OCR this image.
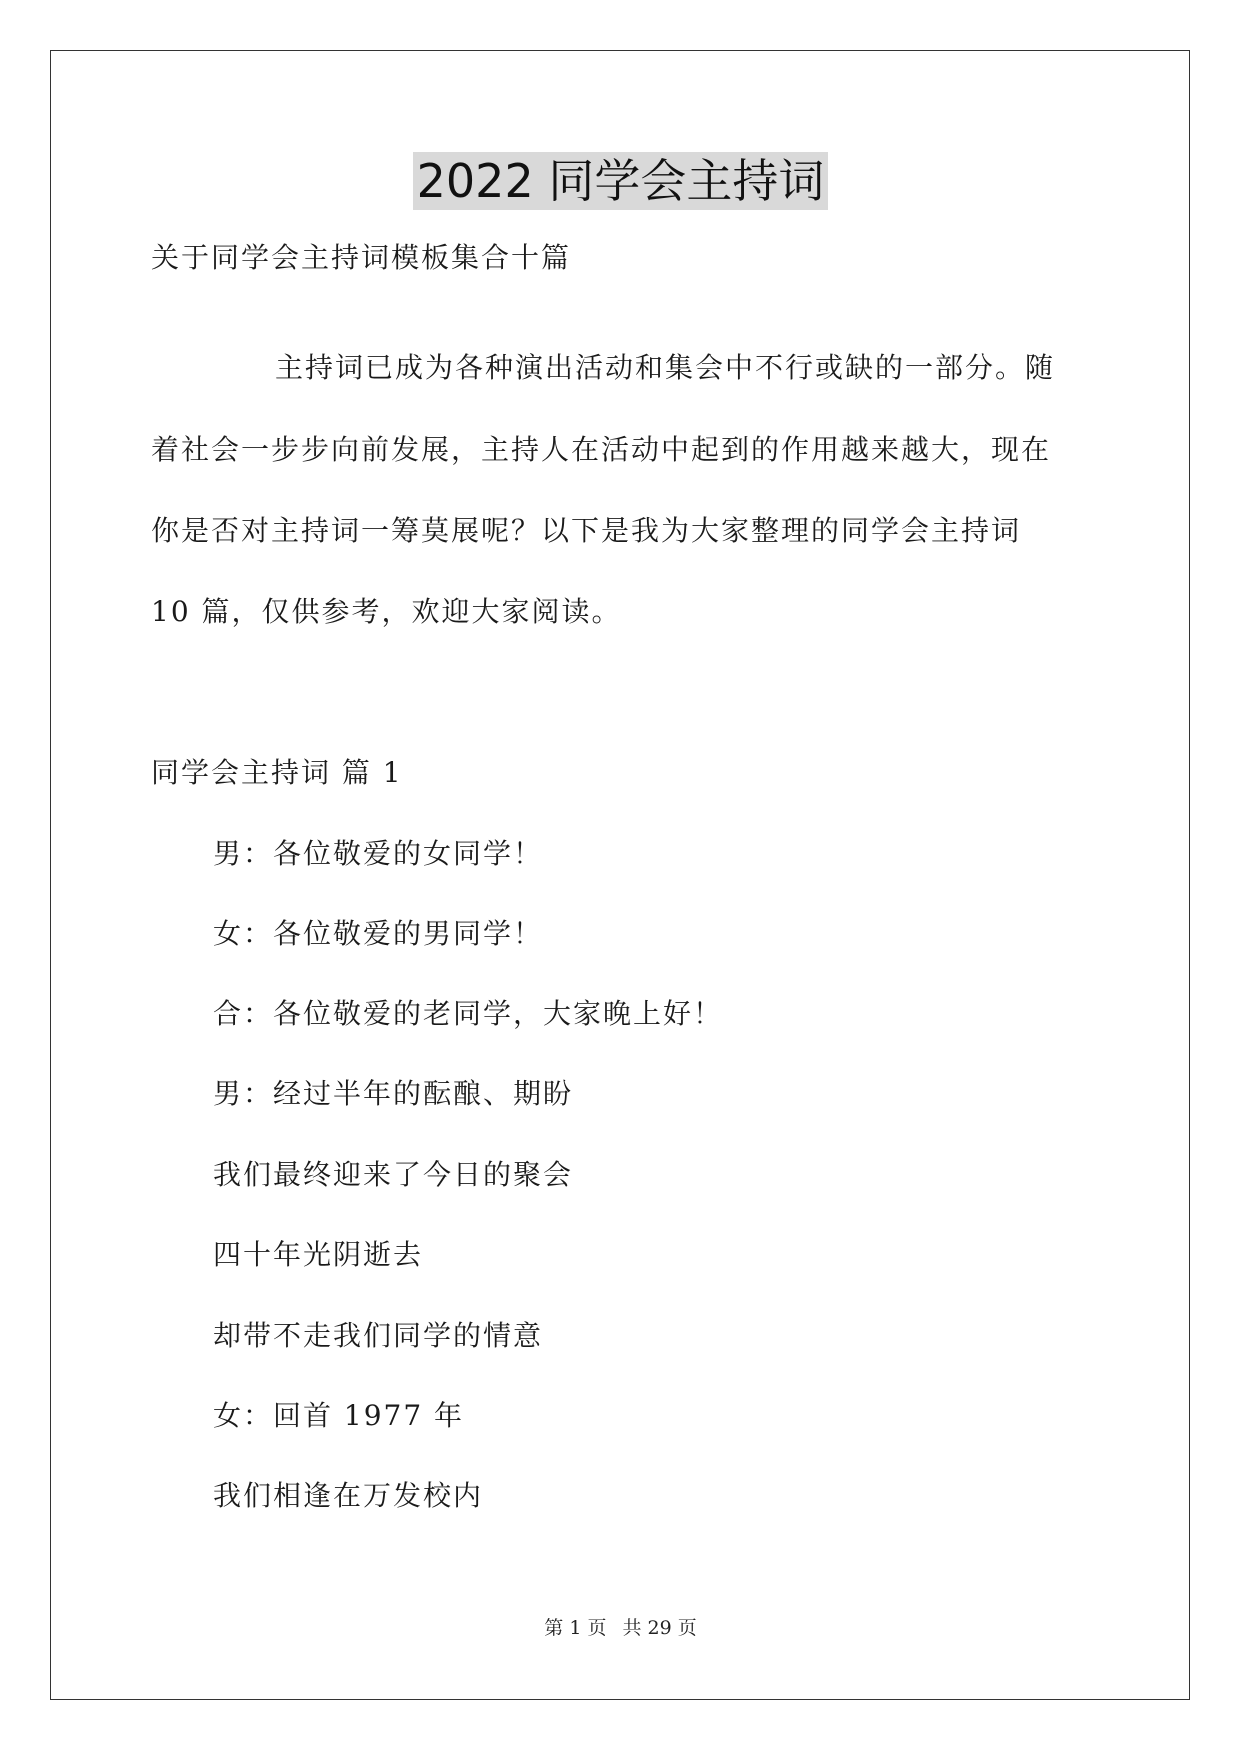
2022 同学会主持词
关于同学会主持词模板集合十篇
主持词已成为各种演出活动和集会中不行或缺的一部分。随
着社会一步步向前发展，主持人在活动中起到的作用越来越大，现在
你是否对主持词一筹莫展呢？以下是我为大家整理的同学会主持词
10 篇，仅供参考，欢迎大家阅读。
同学会主持词 篇 1
男：各位敬爱的女同学！
女：各位敬爱的男同学！
合：各位敬爱的老同学，大家晚上好！
男：经过半年的酝酿、期盼
我们最终迎来了今日的聚会
四十年光阴逝去
却带不走我们同学的情意
女：回首 1977 年
我们相逢在万发校内
第 1 页 共 29 页
